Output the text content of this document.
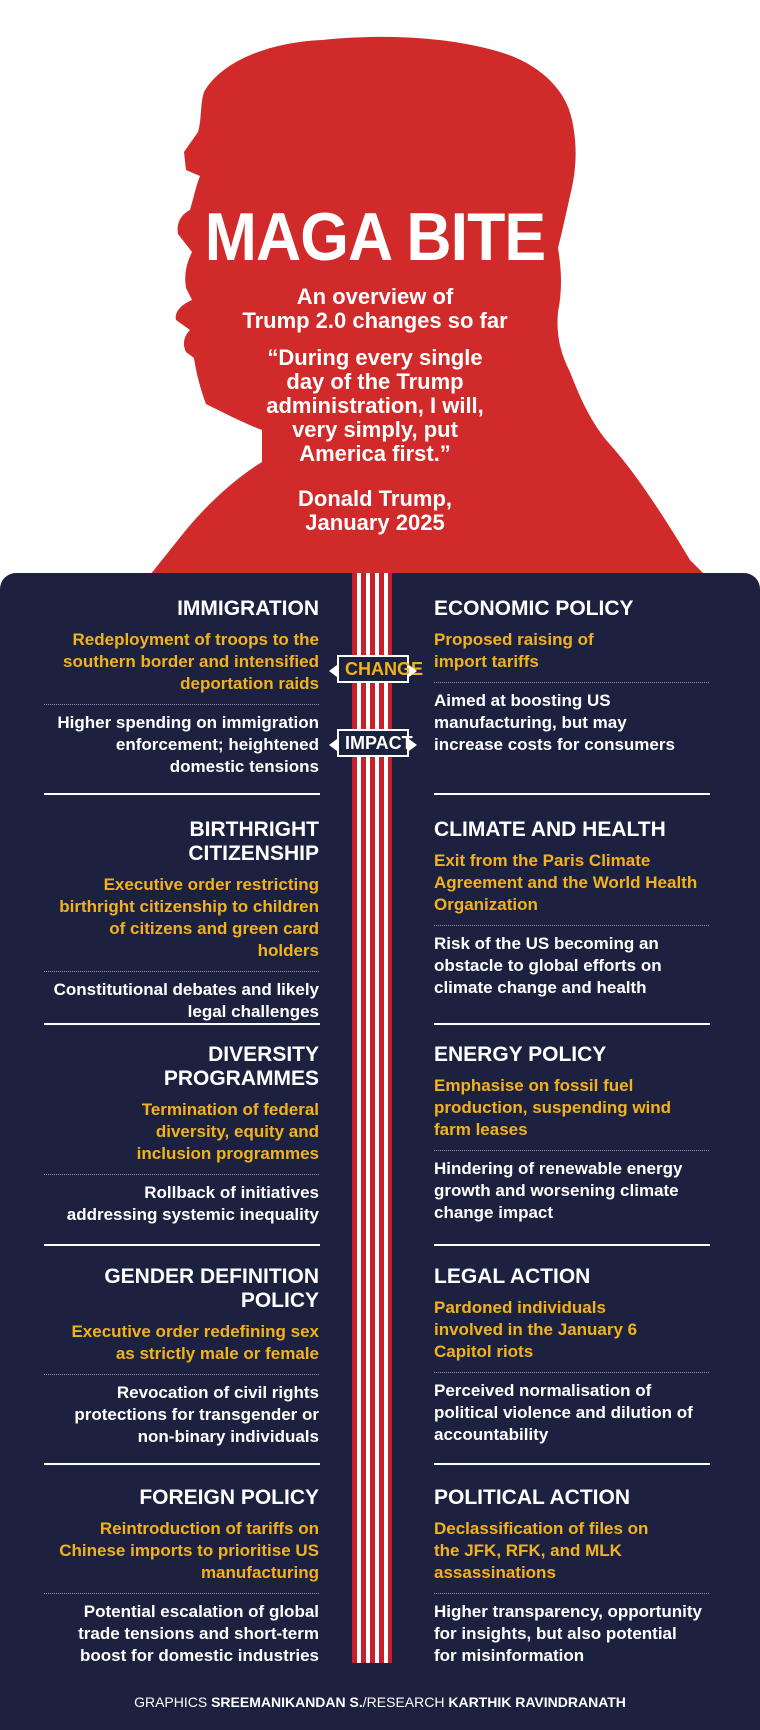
MAGA BITE
An overview of
Trump 2.0 changes so far
“During every single
day of the Trump
administration, I will,
very simply, put
America first.”
Donald Trump,
January 2025
CHANGE
IMPACT
IMMIGRATION
Redeployment of troops to the
southern border and intensified
deportation raids
Higher spending on immigration
enforcement; heightened
domestic tensions
BIRTHRIGHT
CITIZENSHIP
Executive order restricting
birthright citizenship to children
of citizens and green card holders
Constitutional debates and likely
legal challenges
DIVERSITY
PROGRAMMES
Termination of federal
diversity, equity and
inclusion programmes
Rollback of initiatives
addressing systemic inequality
GENDER DEFINITION
POLICY
Executive order redefining sex
as strictly male or female
Revocation of civil rights
protections for transgender or
non-binary individuals
FOREIGN POLICY
Reintroduction of tariffs on
Chinese imports to prioritise US
manufacturing
Potential escalation of global
trade tensions and short-term
boost for domestic industries
ECONOMIC POLICY
Proposed raising of
import tariffs
Aimed at boosting US
manufacturing, but may
increase costs for consumers
CLIMATE AND HEALTH
Exit from the Paris Climate
Agreement and the World Health
Organization
Risk of the US becoming an
obstacle to global efforts on
climate change and health
ENERGY POLICY
Emphasise on fossil fuel
production, suspending wind
farm leases
Hindering of renewable energy
growth and worsening climate
change impact
LEGAL ACTION
Pardoned individuals
involved in the January 6
Capitol riots
Perceived normalisation of
political violence and dilution of
accountability
POLITICAL ACTION
Declassification of files on
the JFK, RFK, and MLK
assassinations
Higher transparency, opportunity
for insights, but also potential
for misinformation
GRAPHICS SREEMANIKANDAN S./RESEARCH KARTHIK RAVINDRANATH
